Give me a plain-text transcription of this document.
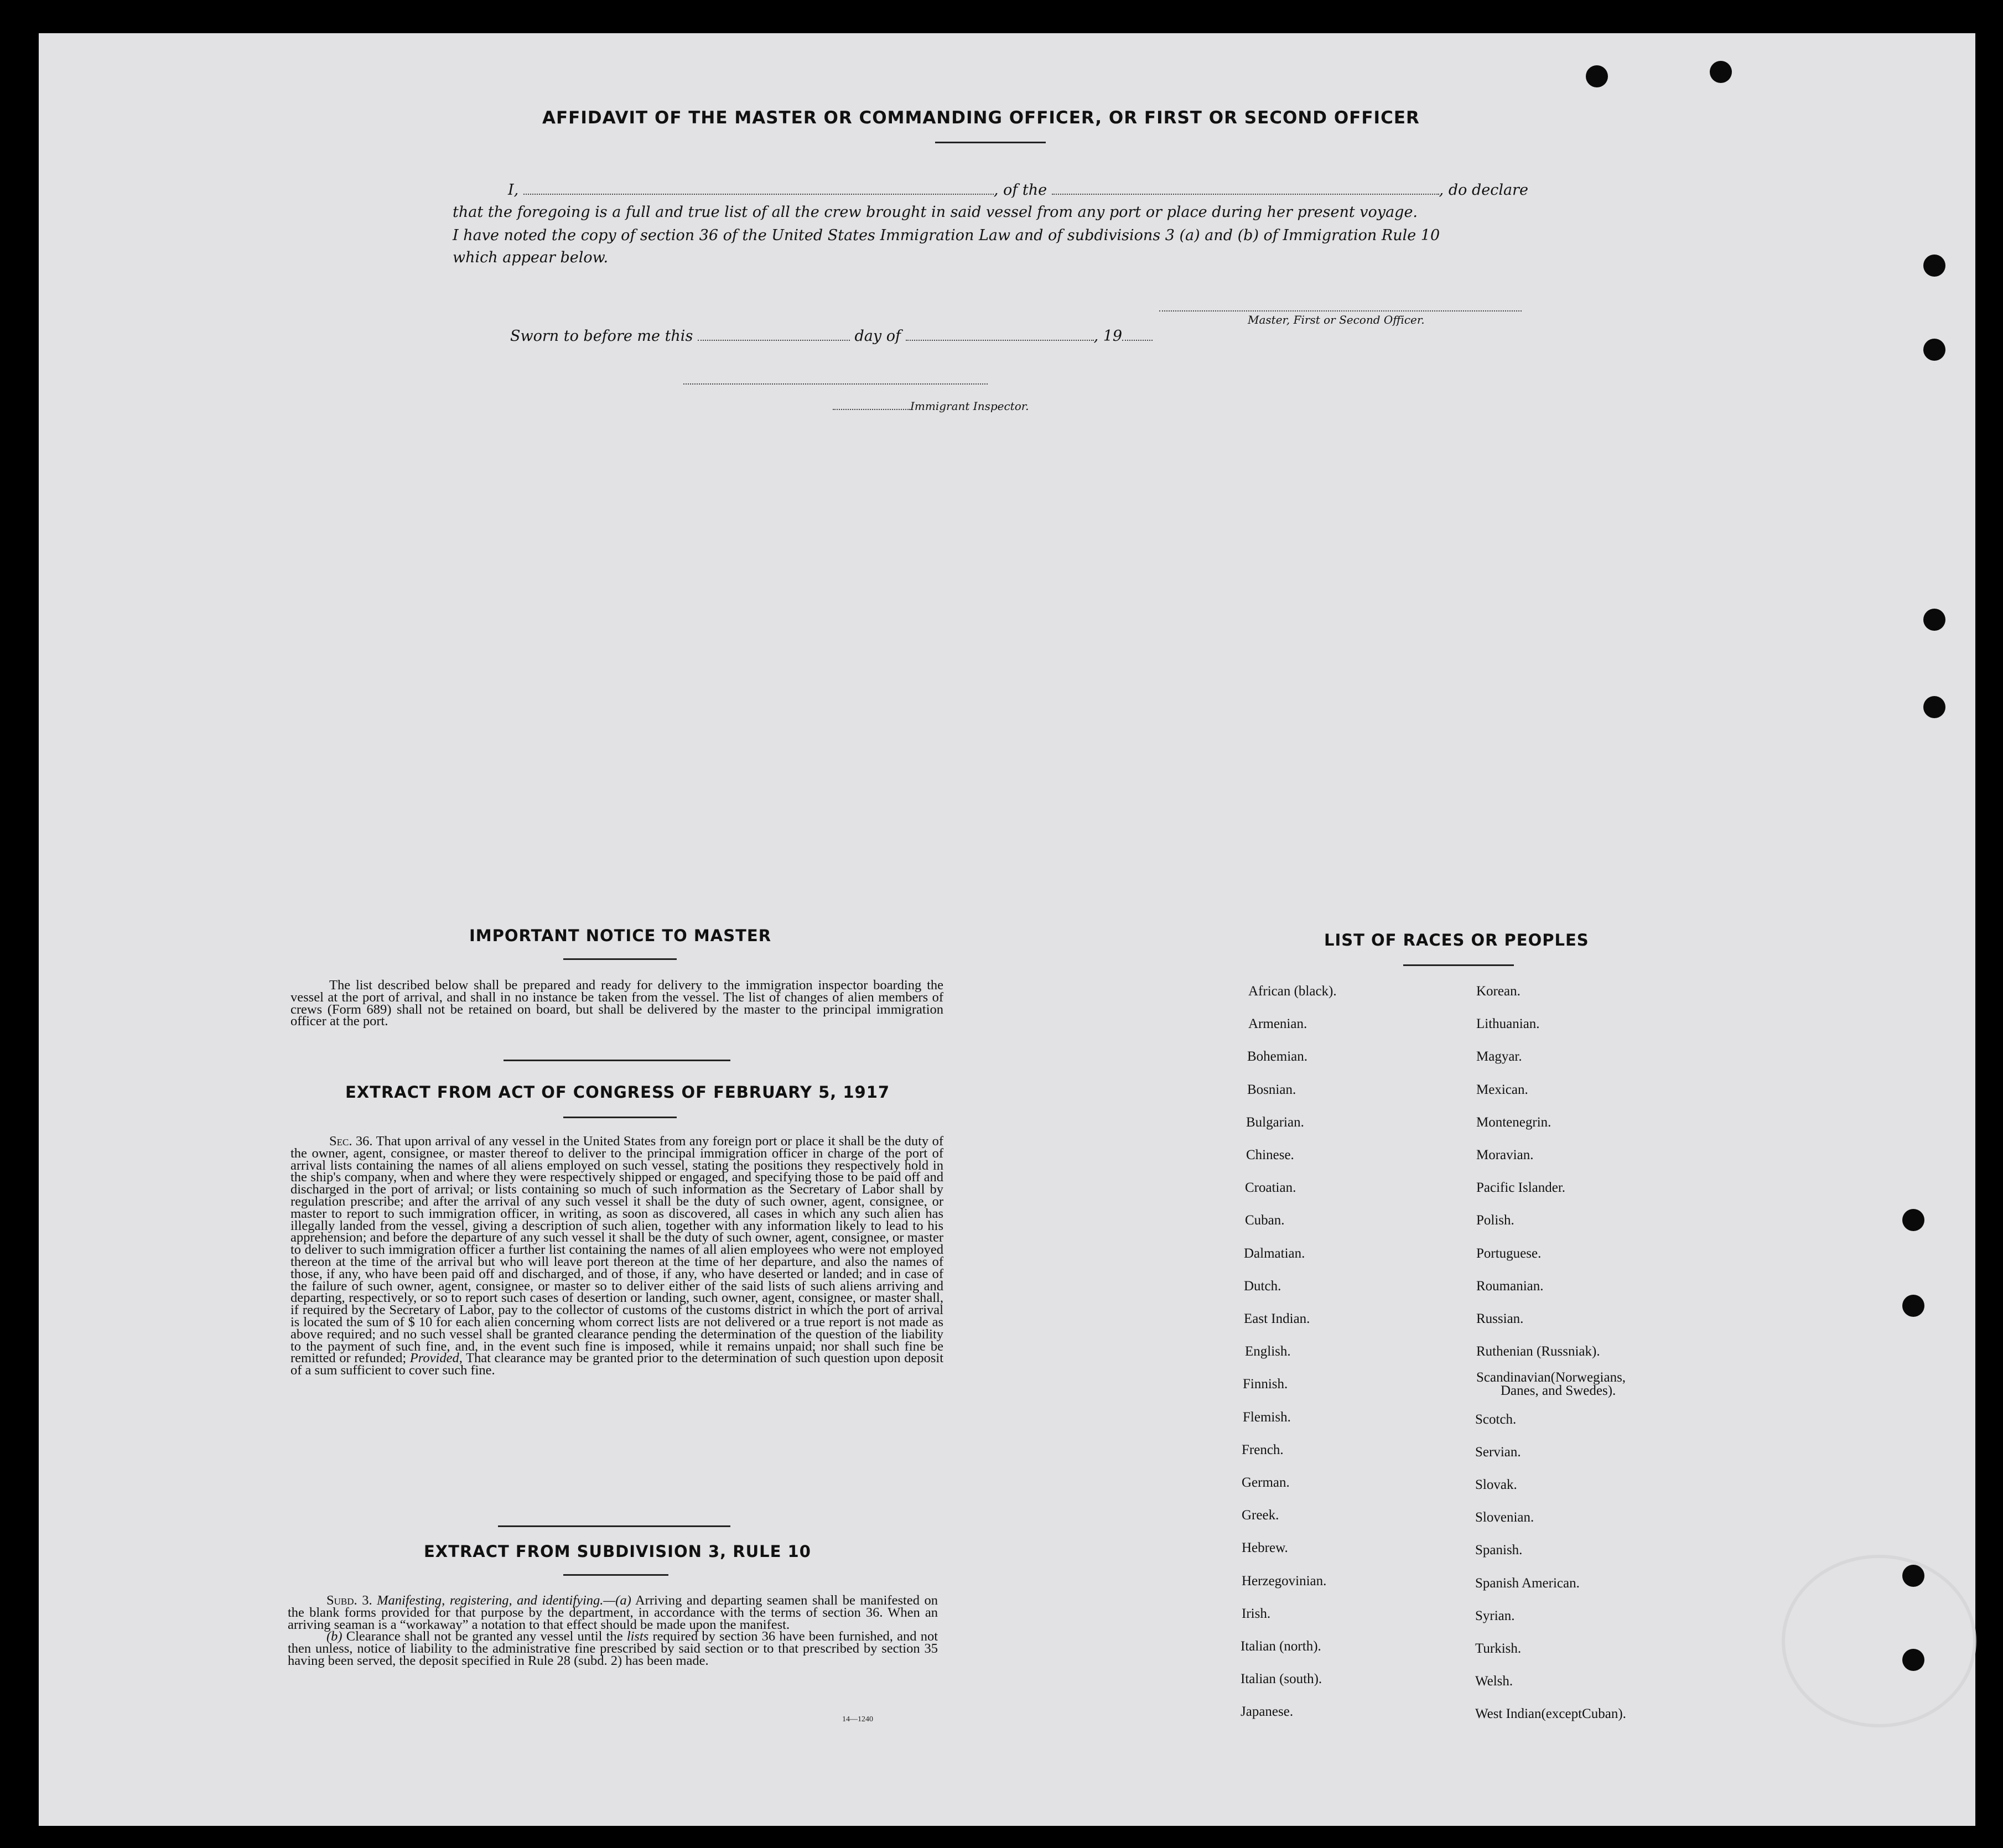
AFFIDAVIT OF THE MASTER OR COMMANDING OFFICER, OR FIRST OR SECOND OFFICER
I,	, of the	, do declare
that the foregoing is a full and true list of all the crew brought in said vessel from any port or place during her present voyage.
I have noted the copy of section 36 of the United States Immigration Law and of subdivisions 3 (a) and (b) of Immigration Rule 10
which appear below.
Master, First or Second Officer.
Sworn to before me this	day of	, 19
Immigrant Inspector.
IMPORTANT NOTICE TO MASTER

The list described below shall be prepared and ready for delivery to the immigration inspector boarding the vessel at the port of arrival, and shall in no instance be taken from the vessel. The list of changes of alien members of crews (Form 689) shall not be retained on board, but shall be delivered by the master to the principal immigration officer at the port.

EXTRACT FROM ACT OF CONGRESS OF FEBRUARY 5, 1917

Sec. 36. That upon arrival of any vessel in the United States from any foreign port or place it shall be the duty of the owner, agent, consignee, or master thereof to deliver to the principal immigration officer in charge of the port of arrival lists containing the names of all aliens employed on such vessel, stating the positions they respectively hold in the ship's company, when and where they were respectively shipped or engaged, and specifying those to be paid off and discharged in the port of arrival; or lists containing so much of such information as the Secretary of Labor shall by regulation prescribe; and after the arrival of any such vessel it shall be the duty of such owner, agent, consignee, or master to report to such immigration officer, in writing, as soon as discovered, all cases in which any such alien has illegally landed from the vessel, giving a description of such alien, together with any information likely to lead to his apprehension; and before the departure of any such vessel it shall be the duty of such owner, agent, consignee, or master to deliver to such immigration officer a further list containing the names of all alien employees who were not employed thereon at the time of the arrival but who will leave port thereon at the time of her departure, and also the names of those, if any, who have been paid off and discharged, and of those, if any, who have deserted or landed; and in case of the failure of such owner, agent, consignee, or master so to deliver either of the said lists of such aliens arriving and departing, respectively, or so to report such cases of desertion or landing, such owner, agent, consignee, or master shall, if required by the Secretary of Labor, pay to the collector of customs of the customs district in which the port of arrival is located the sum of $ 10 for each alien concerning whom correct lists are not delivered or a true report is not made as above required; and no such vessel shall be granted clearance pending the determination of the question of the liability to the payment of such fine, and, in the event such fine is imposed, while it remains unpaid; nor shall such fine be remitted or refunded; Provided, That clearance may be granted prior to the determination of such question upon deposit of a sum sufficient to cover such fine.

EXTRACT FROM SUBDIVISION 3, RULE 10

Subd. 3. Manifesting, registering, and identifying.—(a) Arriving and departing seamen shall be manifested on the blank forms provided for that purpose by the department, in accordance with the terms of section 36. When an arriving seaman is a “workaway” a notation to that effect should be made upon the manifest.

(b) Clearance shall not be granted any vessel until the lists required by section 36 have been furnished, and not then unless, notice of liability to the administrative fine prescribed by said section or to that prescribed by section 35 having been served, the deposit specified in Rule 28 (subd. 2) has been made.

14—1240
LIST OF RACES OR PEOPLES
African (black).
Armenian.
Bohemian.
Bosnian.
Bulgarian.
Chinese.
Croatian.
Cuban.
Dalmatian.
Dutch.
East Indian.
English.
Finnish.
Flemish.
French.
German.
Greek.
Hebrew.
Herzegovinian.
Irish.
Italian (north).
Italian (south).
Japanese.
Korean.
Lithuanian.
Magyar.
Mexican.
Montenegrin.
Moravian.
Pacific Islander.
Polish.
Portuguese.
Roumanian.
Russian.
Ruthenian (Russniak).
Scandinavian(Norwegians,
Scotch.
Servian.
Slovak.
Slovenian.
Spanish.
Spanish American.
Syrian.
Turkish.
Welsh.
West Indian(exceptCuban).
Danes, and Swedes).
